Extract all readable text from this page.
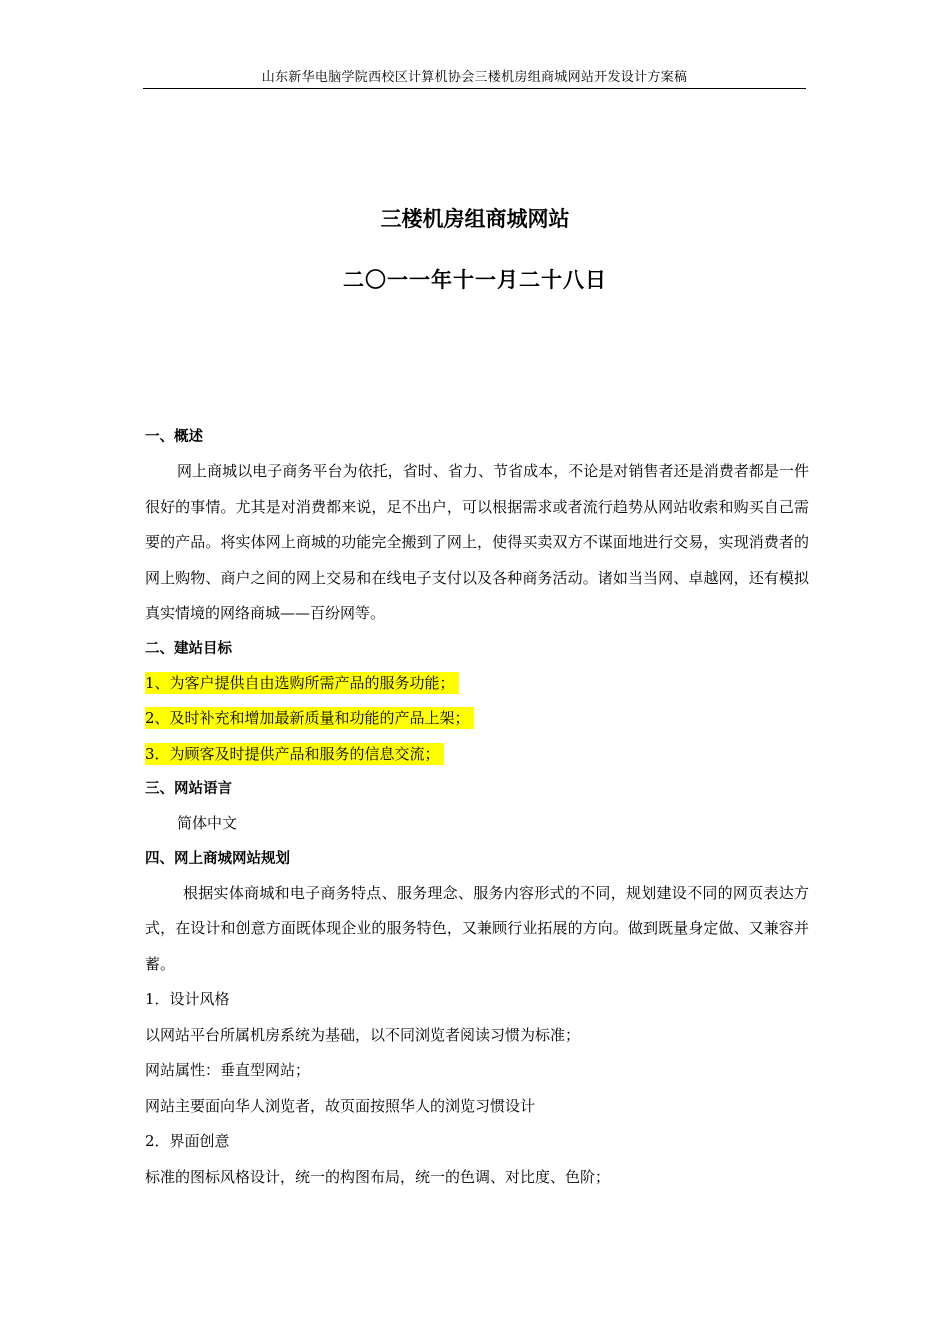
山东新华电脑学院西校区计算机协会三楼机房组商城网站开发设计方案稿
三楼机房组商城网站
二〇一一年十一月二十八日
一、概述
网上商城以电子商务平台为依托，省时、省力、节省成本，不论是对销售者还是消费者都是一件很好的事情。尤其是对消费都来说，足不出户，可以根据需求或者流行趋势从网站收索和购买自己需要的产品。将实体网上商城的功能完全搬到了网上，使得买卖双方不谋面地进行交易，实现消费者的网上购物、商户之间的网上交易和在线电子支付以及各种商务活动。诸如当当网、卓越网，还有模拟真实情境的网络商城——百纷网等。
二、建站目标
1、为客户提供自由选购所需产品的服务功能；
2、及时补充和增加最新质量和功能的产品上架；
3．为顾客及时提供产品和服务的信息交流；
三、网站语言
简体中文
四、网上商城网站规划
根据实体商城和电子商务特点、服务理念、服务内容形式的不同，规划建设不同的网页表达方式，在设计和创意方面既体现企业的服务特色，又兼顾行业拓展的方向。做到既量身定做、又兼容并蓄。
1．设计风格
以网站平台所属机房系统为基础，以不同浏览者阅读习惯为标准；
网站属性：垂直型网站；
网站主要面向华人浏览者，故页面按照华人的浏览习惯设计
2．界面创意
标准的图标风格设计，统一的构图布局，统一的色调、对比度、色阶；
